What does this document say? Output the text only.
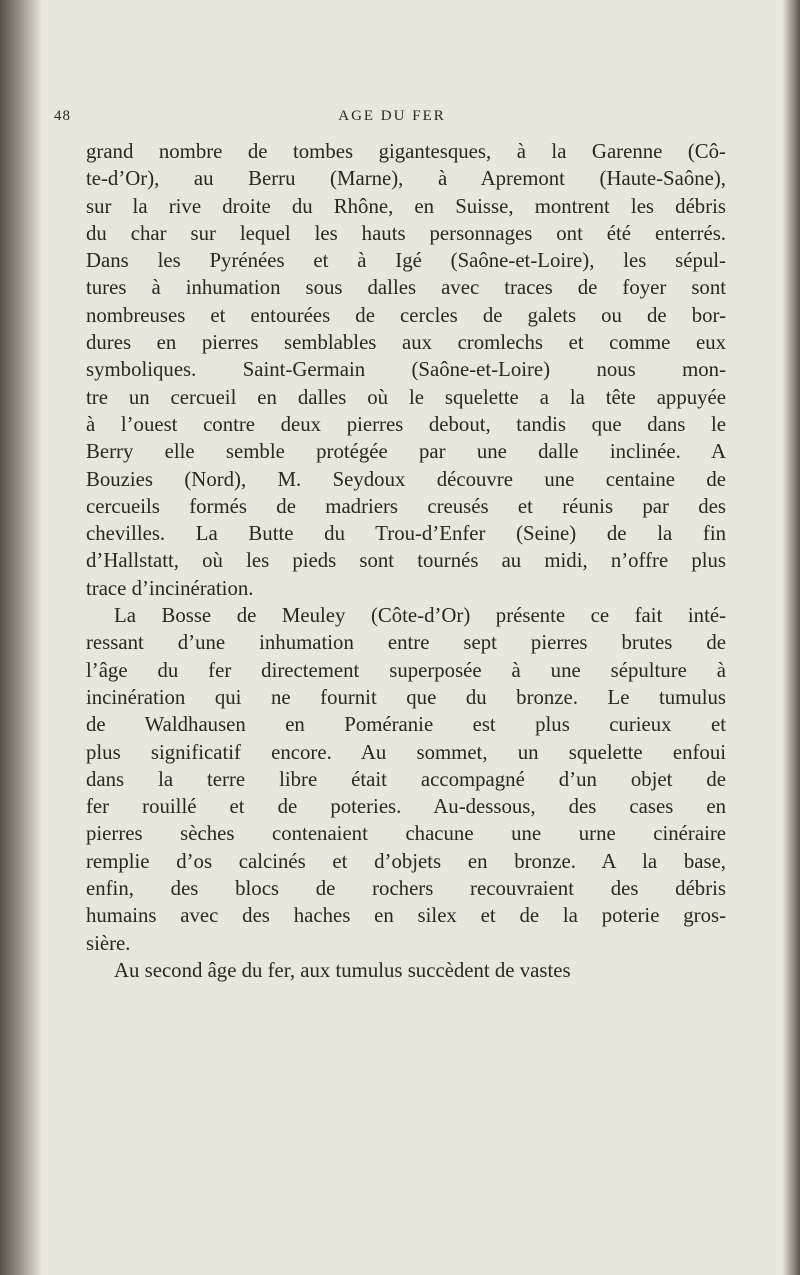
48	AGE DU FER
grand nombre de tombes gigantesques, à la Garenne (Cô-
te-d’Or), au Berru (Marne), à Apremont (Haute-Saône),
sur la rive droite du Rhône, en Suisse, montrent les débris
du char sur lequel les hauts personnages ont été enterrés.
Dans les Pyrénées et à Igé (Saône-et-Loire), les sépul-
tures à inhumation sous dalles avec traces de foyer sont
nombreuses et entourées de cercles de galets ou de bor-
dures en pierres semblables aux cromlechs et comme eux
symboliques. Saint-Germain (Saône-et-Loire) nous mon-
tre un cercueil en dalles où le squelette a la tête appuyée
à l’ouest contre deux pierres debout, tandis que dans le
Berry elle semble protégée par une dalle inclinée. A
Bouzies (Nord), M. Seydoux découvre une centaine de
cercueils formés de madriers creusés et réunis par des
chevilles. La Butte du Trou-d’Enfer (Seine) de la fin
d’Hallstatt, où les pieds sont tournés au midi, n’offre plus
trace d’incinération.
La Bosse de Meuley (Côte-d’Or) présente ce fait inté-
ressant d’une inhumation entre sept pierres brutes de
l’âge du fer directement superposée à une sépulture à
incinération qui ne fournit que du bronze. Le tumulus
de Waldhausen en Poméranie est plus curieux et
plus significatif encore. Au sommet, un squelette enfoui
dans la terre libre était accompagné d’un objet de
fer rouillé et de poteries. Au-dessous, des cases en
pierres sèches contenaient chacune une urne cinéraire
remplie d’os calcinés et d’objets en bronze. A la base,
enfin, des blocs de rochers recouvraient des débris
humains avec des haches en silex et de la poterie gros-
sière.
Au second âge du fer, aux tumulus succèdent de vastes
